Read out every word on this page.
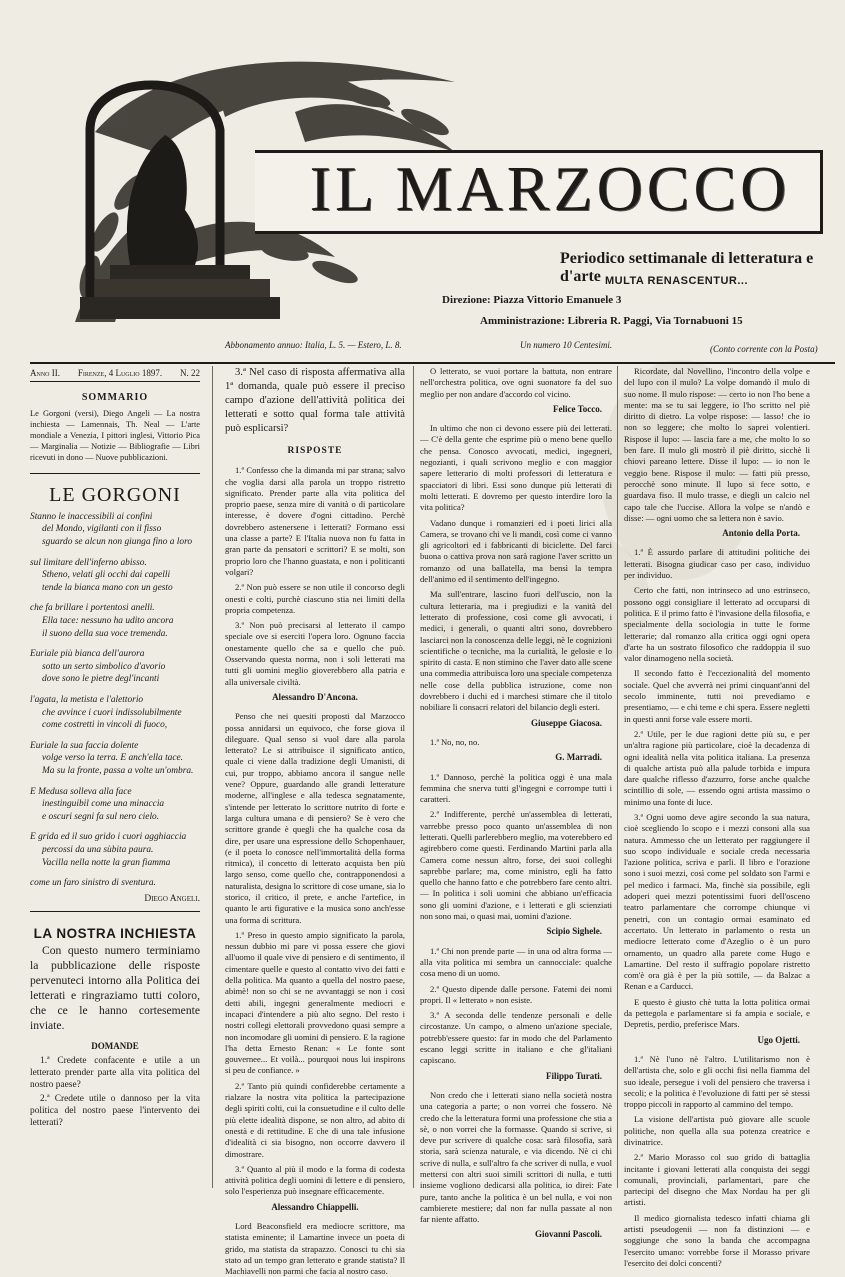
IL MARZOCCO
Periodico settimanale di letteratura e d'arte MULTA RENASCENTUR...
Direzione: Piazza Vittorio Emanuele 3
Amministrazione: Libreria R. Paggi, Via Tornabuoni 15
Abbonamento annuo: Italia, L. 5. — Estero, L. 8.	Un numero 10 Centesimi.	(Conto corrente con la Posta)
Anno II. Firenze, 4 Luglio 1897. N. 22
SOMMARIO
Le Gorgoni (versi), Diego Angeli — La nostra inchiesta — Lamennais, Th. Neal — L'arte mondiale a Venezia, I pittori inglesi, Vittorio Pica — Marginalia — Notizie — Bibliografie — Libri ricevuti in dono — Nuove pubblicazioni.
LE GORGONI
Stanno le inaccessibili ai confini
del Mondo, vigilanti con il fisso
sguardo se alcun non giunga fino a loro
sul limitare dell'inferno abisso.
Stheno, velati gli occhi dai capelli
tende la bianca mano con un gesto
che fa brillare i portentosi anelli.
Ella tace: nessuno ha udito ancora
il suono della sua voce tremenda.
Euriale più bianca dell'aurora
sotto un serto simbolico d'avorio
dove sono le pietre degl'incanti
l'agata, la metista e l'alettorio
che avvince i cuori indissolubilmente
come costretti in vincoli di fuoco,
Euriale la sua faccia dolente
volge verso la terra. E anch'ella tace.
Ma su la fronte, passa a volte un'ombra.
E Medusa solleva alla face
inestinguibil come una minaccia
e oscuri segni fa sul nero cielo.
E grida ed il suo grido i cuori agghiaccia
percossi da una sùbita paura.
Vacilla nella notte la gran fiamma
come un faro sinistro di sventura.
Diego Angeli.
LA NOSTRA INCHIESTA
Con questo numero terminiamo la pubblicazione delle risposte pervenuteci intorno alla Politica dei letterati e ringraziamo tutti coloro, che ce le hanno cortesemente inviate.
DOMANDE

1.ª Credete confacente e utile a un letterato prender parte alla vita politica del nostro paese?

2.ª Credete utile o dannoso per la vita politica del nostro paese l'intervento dei letterati?

3.ª Nel caso di risposta affermativa alla 1ª domanda, quale può essere il preciso campo d'azione dell'attività politica dei letterati e sotto qual forma tale attività può esplicarsi?

RISPOSTE

1.ª Confesso che la dimanda mi par strana; salvo che voglia darsi alla parola un troppo ristretto significato. Prender parte alla vita politica del proprio paese, senza mire di vanità o di particolare interesse, è dovere d'ogni cittadino. Perchè dovrebbero astenersene i letterati? Formano essi una classe a parte? E l'Italia nuova non fu fatta in gran parte da pensatori e scrittori? E se molti, son proprio loro che l'hanno guastata, e non i politicanti volgari?

2.ª Non può essere se non utile il concorso degli onesti e colti, purchè ciascuno stia nei limiti della propria competenza.

3.ª Non può precisarsi al letterato il campo speciale ove si eserciti l'opera loro. Ognuno faccia onestamente quello che sa e quello che può. Osservando questa norma, non i soli letterati ma tutti gli uomini meglio gioverebbero alla patria e alla universale civiltà.

Alessandro D'Ancona.

Penso che nei quesiti proposti dal Marzocco possa annidarsi un equivoco, che forse giova il dileguare. Qual senso si vuol dare alla parola letterato? Le si attribuisce il significato antico, quale ci viene dalla tradizione degli Umanisti, di cui, pur troppo, abbiamo ancora il sangue nelle vene? Oppure, guardando alle grandi letterature moderne, all'inglese e alla tedesca segnatamente, s'intende per letterato lo scrittore nutrito di forte e larga cultura umana e di pensiero? Se è vero che scrittore grande è quegli che ha qualche cosa da dire, per usare una espressione dello Schopenhauer, (e il poeta lo conosce nell'immortalità della forma ritmica), il concetto di letterato acquista ben più largo senso, come quello che, contrapponendosi a naturalista, designa lo scrittore di cose umane, sia lo storico, il critico, il prete, e anche l'artefice, in quanto le arti figurative e la musica sono anch'esse una forma di scrittura.

1.ª Preso in questo ampio significato la parola, nessun dubbio mi pare vi possa essere che giovi all'uomo il quale vive di pensiero e di sentimento, il cimentare quelle e questo al contatto vivo dei fatti e della politica. Ma quanto a quella del nostro paese, abimè! non so chi se ne avvantaggi se non i così detti abili, ingegni generalmente mediocri e incapaci d'intendere a più alto segno. Del resto i nostri collegi elettorali provvedono quasi sempre a non incomodare gli uomini di pensiero. E la ragione l'ha detta Ernesto Renan: « Le fonte sont gouvernee... Et voilà... pourquoi nous lui inspirons si peu de confiance. »

2.ª Tanto più quindi confiderebbe certamente a rialzare la nostra vita politica la partecipazione degli spiriti colti, cui la consuetudine e il culto delle più elette idealità dispone, se non altro, ad abito di onestà e di rettitudine. E che di una tale infusione d'idealità ci sia bisogno, non occorre davvero il dimostrare.

3.ª Quanto al più il modo e la forma di codesta attività politica degli uomini di lettere e di pensiero, solo l'esperienza può insegnare efficacemente.

Alessandro Chiappelli.

Lord Beaconsfield era mediocre scrittore, ma statista eminente; il Lamartine invece un poeta di grido, ma statista da strapazzo. Conosci tu chi sia stato ad un tempo gran letterato e grande statista? Il Machiavelli non parmi che facia al nostro caso.

O letterato, se vuoi portare la battuta, non entrare nell'orchestra politica, ove ogni suonatore fa del suo meglio per non andare d'accordo col vicino.

Felice Tocco.

In ultimo che non ci devono essere più dei letterati. — C'è della gente che esprime più o meno bene quello che pensa. Conosco avvocati, medici, ingegneri, negozianti, i quali scrivono meglio e con maggior sapere letterario di molti professori di letteratura e spacciatori di libri. Essi sono dunque più letterati di molti letterati. E dovremo per questo interdire loro la vita politica?

Vadano dunque i romanzieri ed i poeti lirici alla Camera, se trovano chi ve li mandi, così come ci vanno gli agricoltori ed i fabbricanti di biciclette. Del farci buona o cattiva prova non sarà ragione l'aver scritto un romanzo od una ballatella, ma bensì la tempra dell'animo ed il sentimento dell'ingegno.

Ma sull'entrare, lascino fuori dell'uscio, non la cultura letteraria, ma i pregiudizi e la vanità del letterato di professione, così come gli avvocati, i medici, i generali, o quanti altri sono, dovrebbero lasciarci non la conoscenza delle leggi, nè le cognizioni scientifiche o tecniche, ma la curialità, le gelosie e lo spirito di casta. E non stimino che l'aver dato alle scene una commedia attribuisca loro una speciale competenza nelle cose della pubblica istruzione, come non dovrebbero i duchi ed i marchesi stimare che il titolo nobiliare li consacri relatori del bilancio degli esteri.

Giuseppe Giacosa.

1.ª No, no, no.

G. Marradi.

1.ª Dannoso, perchè la politica oggi è una mala femmina che snerva tutti gl'ingegni e corrompe tutti i caratteri.

2.ª Indifferente, perchè un'assemblea di letterati, varrebbe presso poco quanto un'assemblea di non letterati. Quelli parlerebbero meglio, ma voterebbero ed agirebbero come questi. Ferdinando Martini parla alla Camera come nessun altro, forse, dei suoi colleghi saprebbe parlare; ma, come ministro, egli ha fatto quello che hanno fatto e che potrebbero fare cento altri. — In politica i soli uomini che abbiano un'efficacia sono gli uomini d'azione, e i letterati e gli scienziati non sono mai, o quasi mai, uomini d'azione.

Scipio Sighele.

1.ª Chi non prende parte — in una od altra forma — alla vita politica mi sembra un cannocciale: qualche cosa meno di un uomo.

2.ª Questo dipende dalle persone. Fatemi dei nomi propri. Il « letterato » non esiste.

3.ª A seconda delle tendenze personali e delle circostanze. Un campo, o almeno un'azione speciale, potrebb'essere questo: far in modo che del Parlamento escano leggi scritte in italiano e che gl'italiani capiscano.

Filippo Turati.

Non credo che i letterati siano nella società nostra una categoria a parte; o non vorrei che fossero. Nè credo che la letteratura formi una professione che stia a sè, o non vorrei che la formasse. Quando si scrive, si deve pur scrivere di qualche cosa: sarà filosofia, sarà storia, sarà scienza naturale, e via dicendo. Nè ci chi scrive di nulla, e sull'altro fa che scriver di nulla, e vuol mettersi con altri suoi simili scrittori di nulla, e tutti insieme vogliono dedicarsi alla politica, io direi: Fate pure, tanto anche la politica è un bel nulla, e voi non cambierete mestiere; dal non far nulla passate al non far niente affatto.

Giovanni Pascoli.

Ricordate, dal Novellino, l'incontro della volpe e del lupo con il mulo? La volpe domandò il mulo di suo nome. Il mulo rispose: — certo io non l'ho bene a mente: ma se tu sai leggere, io l'ho scritto nel piè diritto di dietro. La volpe rispose: — lasso! che io non so leggere; che molto lo saprei volentieri. Rispose il lupo: — lascia fare a me, che molto lo so ben fare. Il mulo gli mostrò il piè diritto, sicchè li chiovi pareano lettere. Disse il lupo: — io non le veggio bene. Rispose il mulo: — fatti più presso, perocchè sono minute. Il lupo si fece sotto, e guardava fiso. Il mulo trasse, e diegli un calcio nel capo tale che l'uccise. Allora la volpe se n'andò e disse: — ogni uomo che sa lettera non è savio.

Antonio della Porta.

1.ª È assurdo parlare di attitudini politiche dei letterati. Bisogna giudicar caso per caso, individuo per individuo.

Certo che fatti, non intrinseco ad uno estrinseco, possono oggi consigliare il letterato ad occuparsi di politica. E il primo fatto è l'invasione della filosofia, e specialmente della sociologia in tutte le forme letterarie; dal romanzo alla critica oggi ogni opera d'arte ha un sostrato filosofico che raddoppia il suo valor dinamogeno nella società.

Il secondo fatto è l'eccezionalità del momento sociale. Quel che avverrà nei primi cinquant'anni del secolo imminente, tutti noi prevediamo e presentiamo, — e chi teme e chi spera. Essere negletti in questi anni forse vale essere morti.

2.ª Utile, per le due ragioni dette più su, e per un'altra ragione più particolare, cioè la decadenza di ogni idealità nella vita politica italiana. La presenza di qualche artista può alla palude torbida e impura dare qualche riflesso d'azzurro, forse anche qualche scintillio di sole, — essendo ogni artista massimo o minimo una fonte di luce.

3.ª Ogni uomo deve agire secondo la sua natura, cioè scegliendo lo scopo e i mezzi consoni alla sua natura. Ammesso che un letterato per raggiungere il suo scopo individuale e sociale creda necessaria l'azione politica, scriva e parli. Il libro e l'orazione sono i suoi mezzi, così come pel soldato son l'armi e pel medico i farmaci. Ma, finchè sia possibile, egli adoperi quei mezzi potentissimi fuori dell'osceno teatro parlamentare che corrompe chiunque vi penetri, con un contagio ormai esaminato ed accertato. Un letterato in parlamento o resta un mediocre letterato come d'Azeglio o è un puro ornamento, un quadro alla parete come Hugo e Lamartine. Del resto il suffragio popolare ristretto com'è ora già è per la più sottile, — da Balzac a Renan e a Carducci.

E questo è giusto chè tutta la lotta politica ormai da pettegola e parlamentare si fa ampia e sociale, e Depretis, perdio, preferisce Mars.

Ugo Ojetti.

1.ª Nè l'uno nè l'altro. L'utilitarismo non è dell'artista che, solo e gli occhi fisi nella fiamma del suo ideale, persegue i voli del pensiero che traversa i secoli; e la politica è l'evoluzione di fatti per sè stessi troppo piccoli in rapporto al cammino del tempo.

La visione dell'artista può giovare alle scuole politiche, non quella alla sua potenza creatrice e divinatrice.

2.ª Mario Morasso col suo grido di battaglia incitante i giovani letterati alla conquista dei seggi comunali, provinciali, parlamentari, pare che partecipi del disegno che Max Nordau ha per gli artisti.

Il medico giornalista tedesco infatti chiama gli artisti pseudogenii — non fa distinzioni — e soggiunge che sono la banda che accompagna l'esercito umano: vorrebbe forse il Morasso privare l'esercito dei dolci concenti?
